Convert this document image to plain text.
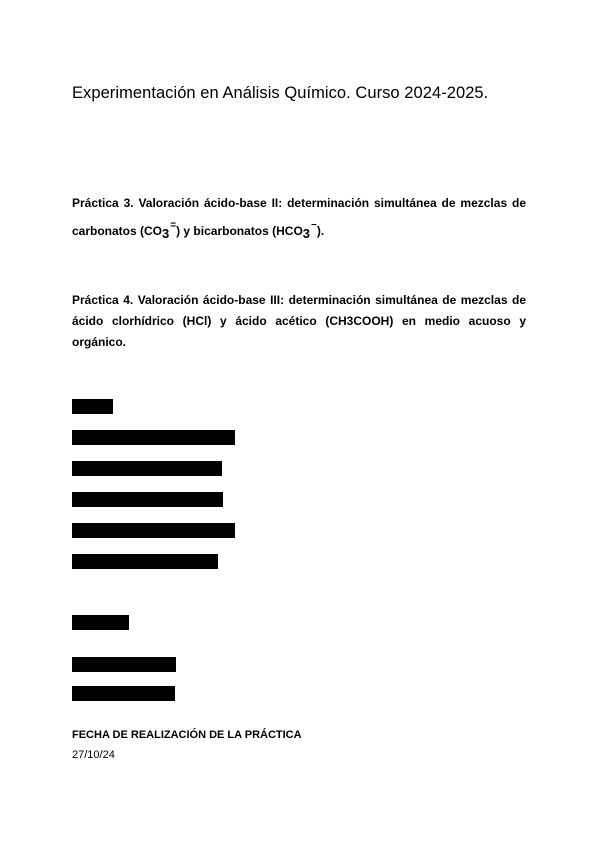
Experimentación en Análisis Químico. Curso 2024-2025.
Práctica 3. Valoración ácido-base II: determinación simultánea de mezclas de carbonatos (CO3=) y bicarbonatos (HCO3−).
Práctica 4. Valoración ácido-base III: determinación simultánea de mezclas de ácido clorhídrico (HCl) y ácido acético (CH3COOH) en medio acuoso y orgánico.
FECHA DE REALIZACIÓN DE LA PRÁCTICA
27/10/24
